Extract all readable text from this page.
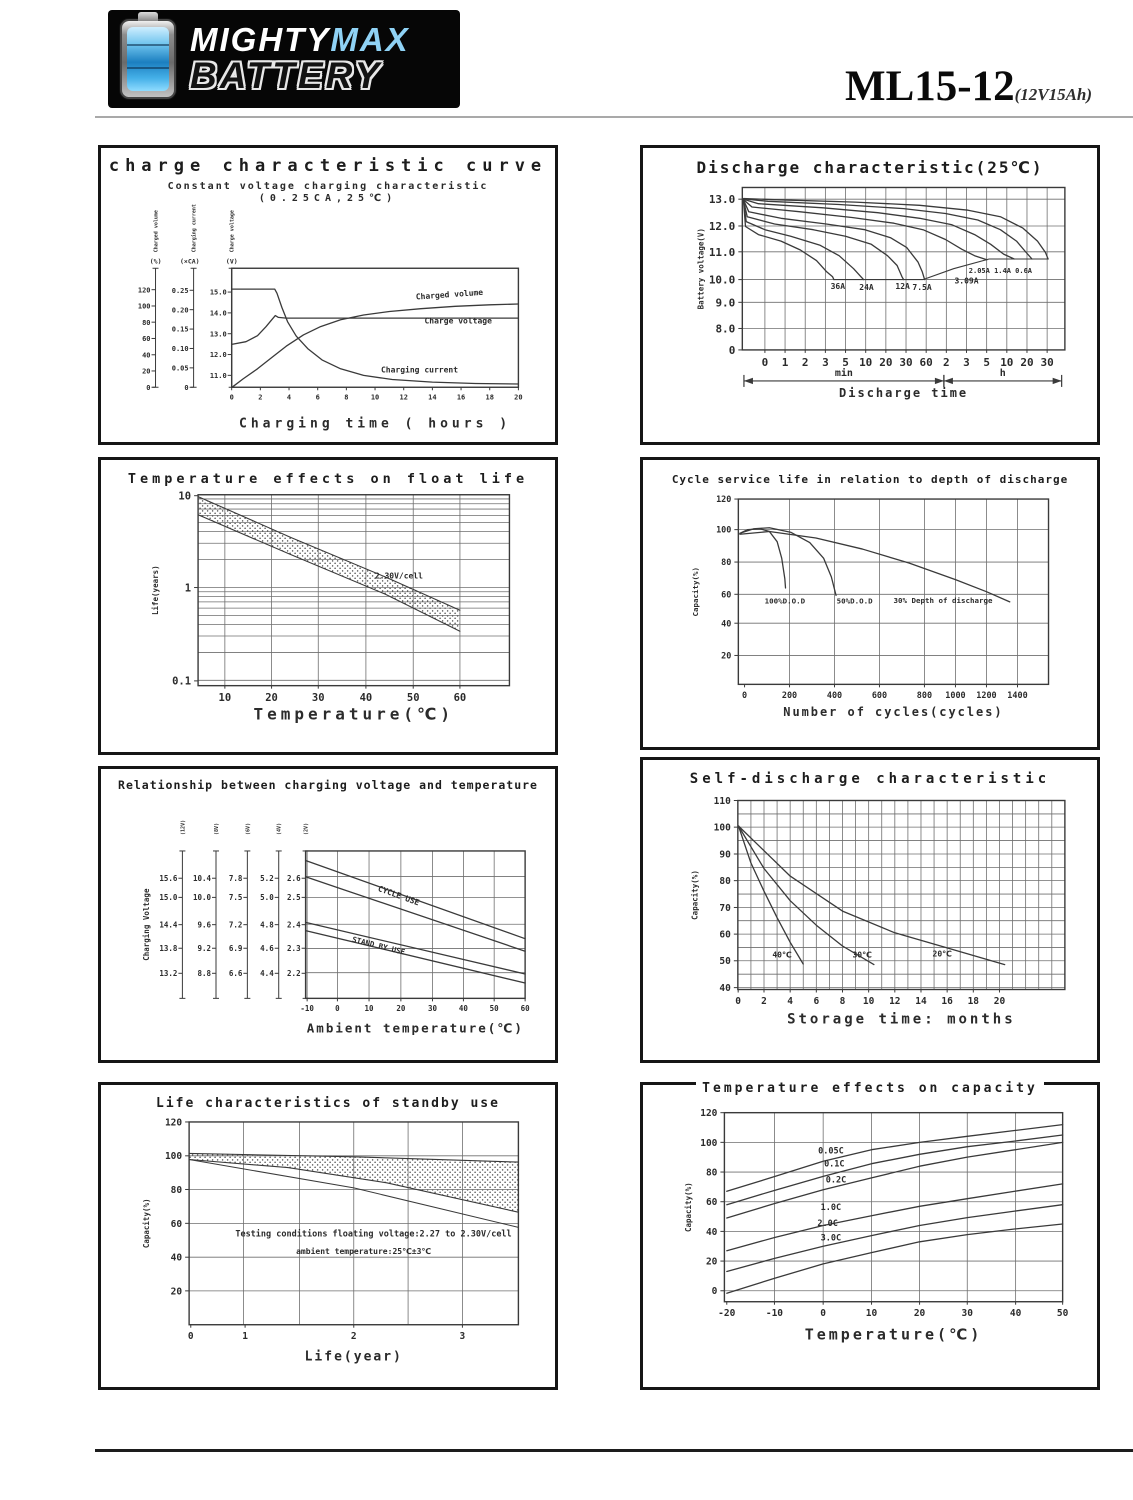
MIGHTYMAX
BATTERY	ML15-12(12V15Ah)
charge characteristic curve
Constant voltage charging characteristic
(0.25CA,25℃)
120
100
80
60
40
20
0
(%)
Charged volume
0.25
0.20
0.15
0.10
0.05
0
(×CA)
Charging current
15.0
14.0
13.0
12.0
11.0
(V)
Charge voltage
0	2	4	6	8	10	12	14	16	18	20
Charged volume
Charge voltage
Charging current
Charging time ( hours )
Discharge characteristic(25℃)
13.0
12.0
11.0
10.0
9.0
8.0
0
0 1 2 3 5 10 20 30 60 2 3 5 10 20 30
36A 24A	12A 7.5A
3.09A
2.05A 1.4A 0.6A
min	h
Discharge time
Battery voltage(V)
Temperature effects on float life
10
1
0.1
10	20	30	40	50	60
2.30V/cell
Temperature(℃)
Life(years)
Cycle service life in relation to depth of discharge
120
100
80
60
40
20
0	200	400	600	800 1000 1200 1400
100%D.O.D	50%D.O.D	30% Depth of discharge
Number of cycles(cycles)
Capacity(%)
Relationship between charging voltage and temperature
15.6
15.0
14.4
13.8
13.2
(12V)
10.4
10.0
9.6
9.2
8.8
(8V)
7.8
7.5
7.2
6.9
6.6
(6V)
5.2
5.0
4.8
4.6
4.4
(4V)
2.6
2.5
2.4
2.3
2.2
(2V)
-10	0	10	20	30	40	50	60
CYCLE USE
STAND BY USE
Ambient temperature(℃)
Charging Voltage
Self-discharge characteristic
110
100
90
80
70
60
50
40
0 2 4 6 8 10 12 14 16 18 20
40℃	30℃	20℃
Storage time: months
Capacity(%)
Life characteristics of standby use
120
100
80
60
40
20
0	1	2	3
Testing conditions floating voltage:2.27 to 2.30V/cell
ambient temperature:25℃±3℃
Life(year)
Capacity(%)
Temperature effects on capacity
120
100
80
60
40
20
0
-20	-10	0	10	20	30	40	50
0.05C
0.1C
0.2C
1.0C
2.0C
3.0C
Temperature(℃)
Capacity(%)
